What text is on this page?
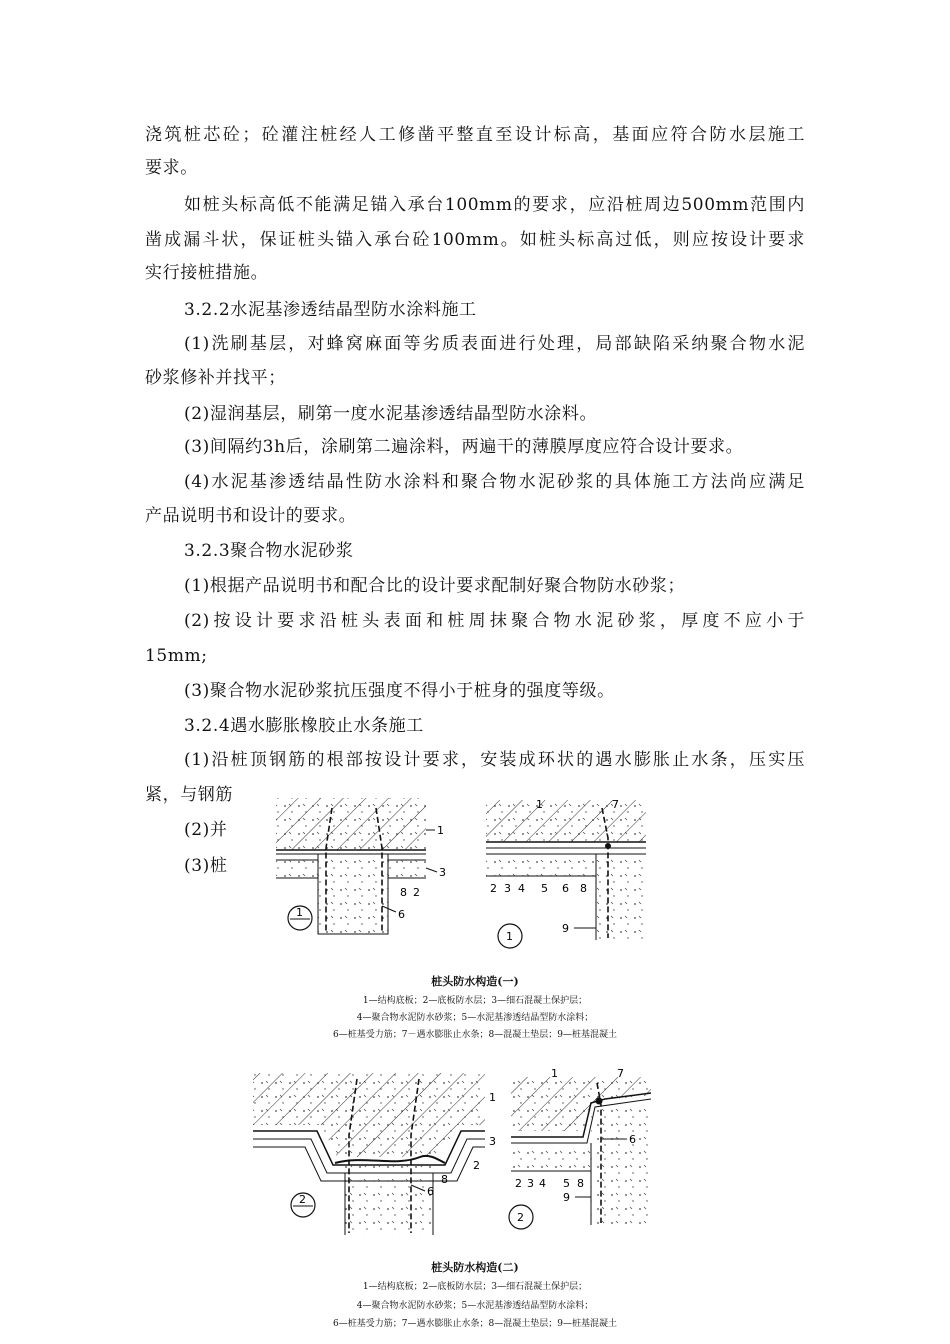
浇筑桩芯砼；砼灌注桩经人工修凿平整直至设计标高，基面应符合防水层施工
要求。
如桩头标高低不能满足锚入承台100mm的要求，应沿桩周边500mm范围内
凿成漏斗状，保证桩头锚入承台砼100mm。如桩头标高过低，则应按设计要求
实行接桩措施。
3.2.2水泥基渗透结晶型防水涂料施工
(1)洗刷基层，对蜂窝麻面等劣质表面进行处理，局部缺陷采纳聚合物水泥
砂浆修补并找平；
(2)湿润基层，刷第一度水泥基渗透结晶型防水涂料。
(3)间隔约3h后，涂刷第二遍涂料，两遍干的薄膜厚度应符合设计要求。
(4)水泥基渗透结晶性防水涂料和聚合物水泥砂浆的具体施工方法尚应满足
产品说明书和设计的要求。
3.2.3聚合物水泥砂浆
(1)根据产品说明书和配合比的设计要求配制好聚合物防水砂浆；
(2)按设计要求沿桩头表面和桩周抹聚合物水泥砂浆，厚度不应小于
15mm;
(3)聚合物水泥砂浆抗压强度不得小于桩身的强度等级。
3.2.4遇水膨胀橡胶止水条施工
(1)沿桩顶钢筋的根部按设计要求，安装成环状的遇水膨胀止水条，压实压
紧，与钢筋
(2)并
(3)桩
1
3
8 2
6
1
1	7
2 3 4 5 6 8
9
1
桩头防水构造(一)
1—结构底板；2—底板防水层；3—细石混凝土保护层；
4—聚合物水泥防水砂浆；5—水泥基渗透结晶型防水涂料；
6—桩基受力筋；7－遇水膨胀止水条；8—混凝土垫层；9—桩基混凝土
1
3
2
8
6
2
1	7
6
2 3 4 5 8
9
2
桩头防水构造(二)
1—结构底板；2—底板防水层；3—细石混凝土保护层；
4—聚合物水泥防水砂浆；5—水泥基渗透结晶型防水涂料；
6—桩基受力筋；7—遇水膨胀止水条；8—混凝土垫层；9—桩基混凝土
